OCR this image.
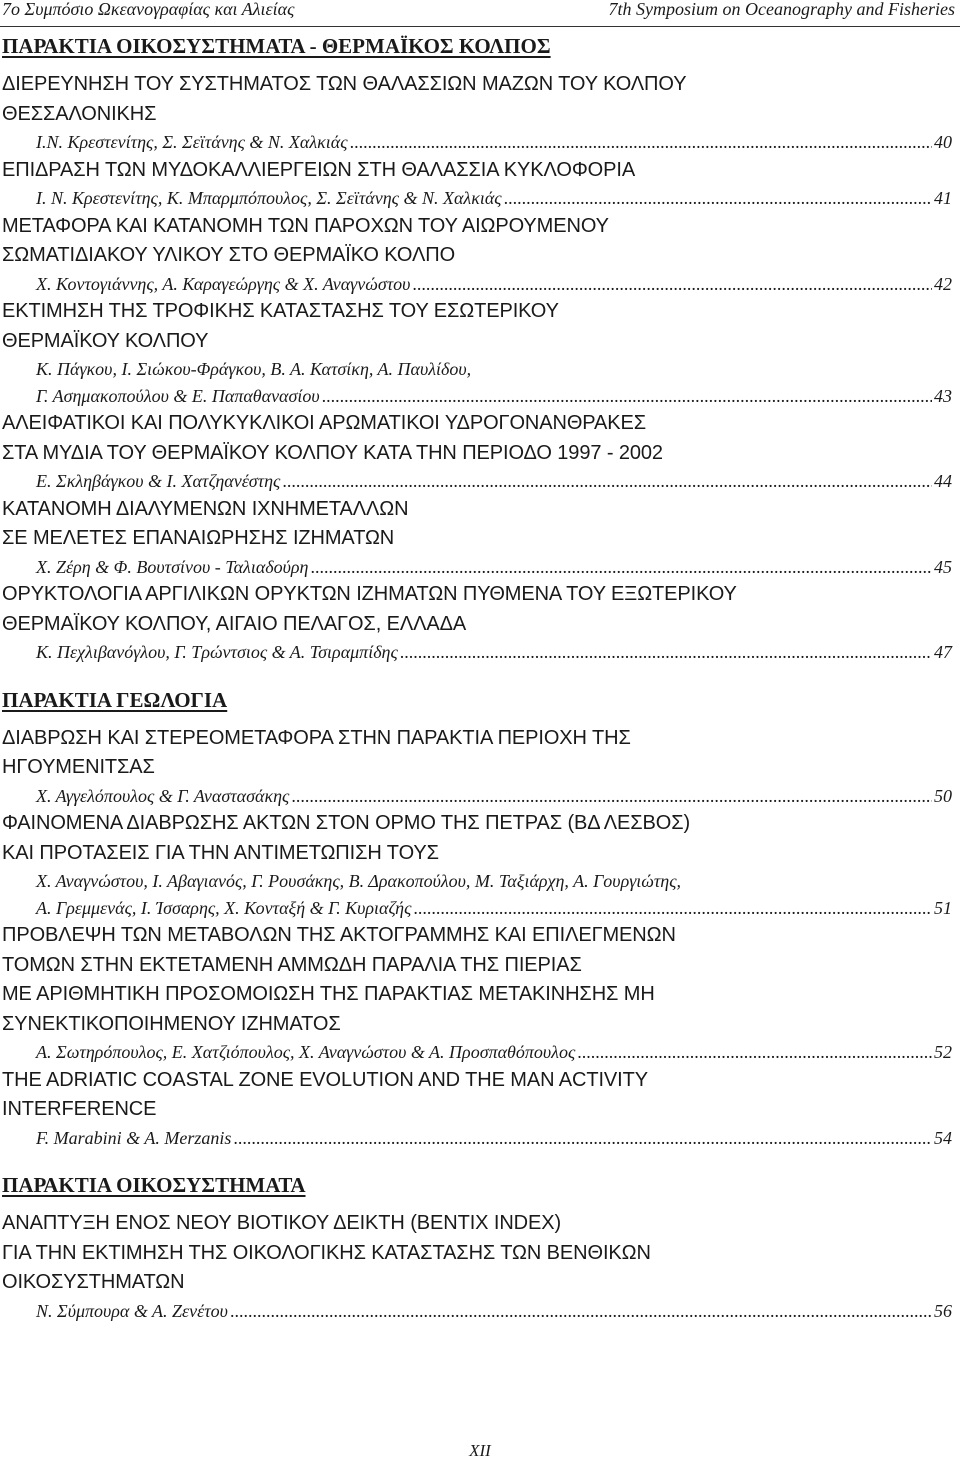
7ο Συμπόσιο Ωκεανογραφίας και Αλιείας	7th Symposium on Oceanography and Fisheries
ΠΑΡΑΚΤΙΑ ΟΙΚΟΣΥΣΤΗΜΑΤΑ - ΘΕΡΜΑΪΚΟΣ ΚΟΛΠΟΣ
ΔΙΕΡΕΥΝΗΣΗ ΤΟΥ ΣΥΣΤΗΜΑΤΟΣ ΤΩΝ ΘΑΛΑΣΣΙΩΝ ΜΑΖΩΝ ΤΟΥ ΚΟΛΠΟΥ
ΘΕΣΣΑΛΟΝΙΚΗΣ
Ι.Ν. Κρεστενίτης, Σ. Σεϊτάνης & Ν. Χαλκιάς .....	40
ΕΠΙΔΡΑΣΗ ΤΩΝ ΜΥΔΟΚΑΛΛΙΕΡΓΕΙΩΝ ΣΤΗ ΘΑΛΑΣΣΙΑ ΚΥΚΛΟΦΟΡΙΑ
Ι. Ν. Κρεστενίτης, Κ. Μπαρμπόπουλος, Σ. Σεϊτάνης & Ν. Χαλκιάς .....	41
ΜΕΤΑΦΟΡΑ ΚΑΙ ΚΑΤΑΝΟΜΗ ΤΩΝ ΠΑΡΟΧΩΝ ΤΟΥ ΑΙΩΡΟΥΜΕΝΟΥ
ΣΩΜΑΤΙΔΙΑΚΟΥ ΥΛΙΚΟΥ ΣΤΟ ΘΕΡΜΑΪΚΟ ΚΟΛΠΟ
Χ. Κοντογιάννης, Α. Καραγεώργης & Χ. Αναγνώστου .....	42
ΕΚΤΙΜΗΣΗ ΤΗΣ ΤΡΟΦΙΚΗΣ ΚΑΤΑΣΤΑΣΗΣ ΤΟΥ ΕΣΩΤΕΡΙΚΟΥ
ΘΕΡΜΑΪΚΟΥ ΚΟΛΠΟΥ
Κ. Πάγκου, Ι. Σιώκου-Φράγκου, Β. Α. Κατσίκη, Α. Παυλίδου,
Γ. Ασημακοπούλου & Ε. Παπαθανασίου .....	43
ΑΛΕΙΦΑΤΙΚΟΙ ΚΑΙ ΠΟΛΥΚΥΚΛΙΚΟΙ ΑΡΩΜΑΤΙΚΟΙ ΥΔΡΟΓΟΝΑΝΘΡΑΚΕΣ
ΣΤΑ ΜΥΔΙΑ ΤΟΥ ΘΕΡΜΑΪΚΟΥ ΚΟΛΠΟΥ ΚΑΤΑ ΤΗΝ ΠΕΡΙΟΔΟ 1997 - 2002
Ε. Σκληβάγκου & Ι. Χατζηανέστης .....	44
ΚΑΤΑΝΟΜΗ ΔΙΑΛΥΜΕΝΩΝ ΙΧΝΗΜΕΤΑΛΛΩΝ
ΣΕ ΜΕΛΕΤΕΣ ΕΠΑΝΑΙΩΡΗΣΗΣ ΙΖΗΜΑΤΩΝ
Χ. Ζέρη & Φ. Βουτσίνου - Ταλιαδούρη .....	45
ΟΡΥΚΤΟΛΟΓΙΑ ΑΡΓΙΛΙΚΩΝ ΟΡΥΚΤΩΝ ΙΖΗΜΑΤΩΝ ΠΥΘΜΕΝΑ ΤΟΥ ΕΞΩΤΕΡΙΚΟΥ
ΘΕΡΜΑΪΚΟΥ ΚΟΛΠΟΥ, ΑΙΓΑΙΟ ΠΕΛΑΓΟΣ, ΕΛΛΑΔΑ
Κ. Πεχλιβανόγλου, Γ. Τρώντσιος & Α. Τσιραμπίδης .....	47
ΠΑΡΑΚΤΙΑ ΓΕΩΛΟΓΙΑ
ΔΙΑΒΡΩΣΗ ΚΑΙ ΣΤΕΡΕΟΜΕΤΑΦΟΡΑ ΣΤΗΝ ΠΑΡΑΚΤΙΑ ΠΕΡΙΟΧΗ ΤΗΣ
ΗΓΟΥΜΕΝΙΤΣΑΣ
Χ. Αγγελόπουλος & Γ. Αναστασάκης .....	50
ΦΑΙΝΟΜΕΝΑ ΔΙΑΒΡΩΣΗΣ ΑΚΤΩΝ ΣΤΟΝ ΟΡΜΟ ΤΗΣ ΠΕΤΡΑΣ (ΒΔ ΛΕΣΒΟΣ)
ΚΑΙ ΠΡΟΤΑΣΕΙΣ ΓΙΑ ΤΗΝ ΑΝΤΙΜΕΤΩΠΙΣΗ ΤΟΥΣ
Χ. Αναγνώστου, Ι. Αβαγιανός, Γ. Ρουσάκης, Β. Δρακοπούλου, Μ. Ταξιάρχη, Α. Γουργιώτης,
Α. Γρεμμενάς, Ι. Ίσσαρης, Χ. Κονταξή & Γ. Κυριαζής .....	51
ΠΡΟΒΛΕΨΗ ΤΩΝ ΜΕΤΑΒΟΛΩΝ ΤΗΣ ΑΚΤΟΓΡΑΜΜΗΣ ΚΑΙ ΕΠΙΛΕΓΜΕΝΩΝ
ΤΟΜΩΝ ΣΤΗΝ ΕΚΤΕΤΑΜΕΝΗ ΑΜΜΩΔΗ ΠΑΡΑΛΙΑ ΤΗΣ ΠΙΕΡΙΑΣ
ΜΕ ΑΡΙΘΜΗΤΙΚΗ ΠΡΟΣΟΜΟΙΩΣΗ ΤΗΣ ΠΑΡΑΚΤΙΑΣ ΜΕΤΑΚΙΝΗΣΗΣ ΜΗ
ΣΥΝΕΚΤΙΚΟΠΟΙΗΜΕΝΟΥ ΙΖΗΜΑΤΟΣ
Α. Σωτηρόπουλος, Ε. Χατζιόπουλος, Χ. Αναγνώστου & Α. Προσπαθόπουλος .....	52
THE ADRIATIC COASTAL ZONE EVOLUTION AND THE MAN ACTIVITY
INTERFERENCE
F. Marabini & A. Merzanis .....	54
ΠΑΡΑΚΤΙΑ ΟΙΚΟΣΥΣΤΗΜΑΤΑ
ΑΝΑΠΤΥΞΗ ΕΝΟΣ ΝΕΟΥ ΒΙΟΤΙΚΟΥ ΔΕΙΚΤΗ (BENTIX INDEX)
ΓΙΑ ΤΗΝ ΕΚΤΙΜΗΣΗ ΤΗΣ ΟΙΚΟΛΟΓΙΚΗΣ ΚΑΤΑΣΤΑΣΗΣ ΤΩΝ ΒΕΝΘΙΚΩΝ
ΟΙΚΟΣΥΣΤΗΜΑΤΩΝ
Ν. Σύμπουρα & Α. Ζενέτου .....	56
XII
